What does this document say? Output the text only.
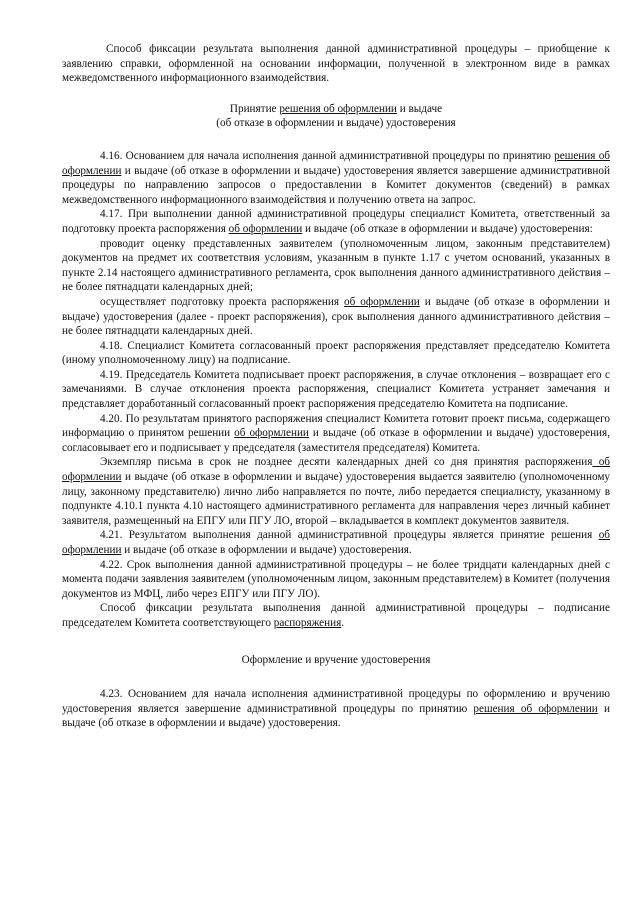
Способ фиксации результата выполнения данной административной процедуры – приобщение к заявлению справки, оформленной на основании информации, полученной в электронном виде в рамках межведомственного информационного взаимодействия.

Принятие решения об оформлении и выдаче
(об отказе в оформлении и выдаче) удостоверения

4.16. Основанием для начала исполнения данной административной процедуры по принятию решения об оформлении и выдаче (об отказе в оформлении и выдаче) удостоверения является завершение административной процедуры по направлению запросов о предоставлении в Комитет документов (сведений) в рамках межведомственного информационного взаимодействия и получению ответа на запрос.

4.17. При выполнении данной административной процедуры специалист Комитета, ответственный за подготовку проекта распоряжения об оформлении и выдаче (об отказе в оформлении и выдаче) удостоверения:

проводит оценку представленных заявителем (уполномоченным лицом, законным представителем) документов на предмет их соответствия условиям, указанным в пункте 1.17 с учетом оснований, указанных в пункте 2.14 настоящего административного регламента, срок выполнения данного административного действия – не более пятнадцати календарных дней;

осуществляет подготовку проекта распоряжения об оформлении и выдаче (об отказе в оформлении и выдаче) удостоверения (далее - проект распоряжения), срок выполнения данного административного действия – не более пятнадцати календарных дней.

4.18. Специалист Комитета согласованный проект распоряжения представляет председателю Комитета (иному уполномоченному лицу) на подписание.

4.19. Председатель Комитета подписывает проект распоряжения, в случае отклонения – возвращает его с замечаниями. В случае отклонения проекта распоряжения, специалист Комитета устраняет замечания и представляет доработанный согласованный проект распоряжения председателю Комитета на подписание.

4.20. По результатам принятого распоряжения специалист Комитета готовит проект письма, содержащего информацию о принятом решении об оформлении и выдаче (об отказе в оформлении и выдаче) удостоверения, согласовывает его и подписывает у председателя (заместителя председателя) Комитета.

Экземпляр письма в срок не позднее десяти календарных дней со дня принятия распоряжения об оформлении и выдаче (об отказе в оформлении и выдаче) удостоверения выдается заявителю (уполномоченному лицу, законному представителю) лично либо направляется по почте, либо передается специалисту, указанному в подпункте 4.10.1 пункта 4.10 настоящего административного регламента для направления через личный кабинет заявителя, размещенный на ЕПГУ или ПГУ ЛО, второй – вкладывается в комплект документов заявителя.

4.21. Результатом выполнения данной административной процедуры является принятие решения об оформлении и выдаче (об отказе в оформлении и выдаче) удостоверения.

4.22. Срок выполнения данной административной процедуры – не более тридцати календарных дней с момента подачи заявления заявителем (уполномоченным лицом, законным представителем) в Комитет (получения документов из МФЦ, либо через ЕПГУ или ПГУ ЛО).

Способ фиксации результата выполнения данной административной процедуры – подписание председателем Комитета соответствующего распоряжения.

Оформление и вручение удостоверения

4.23. Основанием для начала исполнения административной процедуры по оформлению и вручению удостоверения является завершение административной процедуры по принятию решения об оформлении и выдаче (об отказе в оформлении и выдаче) удостоверения.
